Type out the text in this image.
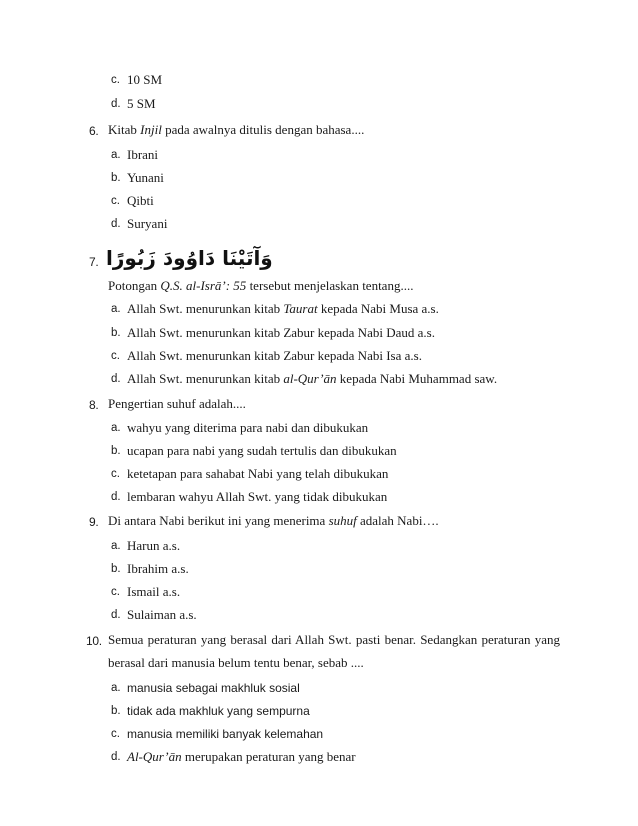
c. 10 SM
d. 5 SM
6. Kitab Injil pada awalnya ditulis dengan bahasa....
a. Ibrani
b. Yunani
c. Qibti
d. Suryani
7. وَآتَيْنَا دَاوُودَ زَبُورًا
Potongan Q.S. al-Isrā’: 55 tersebut menjelaskan tentang....
a. Allah Swt. menurunkan kitab Taurat kepada Nabi Musa a.s.
b. Allah Swt. menurunkan kitab Zabur kepada Nabi Daud a.s.
c. Allah Swt. menurunkan kitab Zabur kepada Nabi Isa a.s.
d. Allah Swt. menurunkan kitab al-Qur’ān kepada Nabi Muhammad saw.
8. Pengertian suhuf adalah....
a. wahyu yang diterima para nabi dan dibukukan
b. ucapan para nabi yang sudah tertulis dan dibukukan
c. ketetapan para sahabat Nabi yang telah dibukukan
d. lembaran wahyu Allah Swt. yang tidak dibukukan
9. Di antara Nabi berikut ini yang menerima suhuf adalah Nabi….
a. Harun a.s.
b. Ibrahim a.s.
c. Ismail a.s.
d. Sulaiman a.s.
10. Semua peraturan yang berasal dari Allah Swt. pasti benar. Sedangkan peraturan yang
berasal dari manusia belum tentu benar, sebab ....
a. manusia sebagai makhluk sosial
b. tidak ada makhluk yang sempurna
c. manusia memiliki banyak kelemahan
d. Al-Qur’ān merupakan peraturan yang benar
